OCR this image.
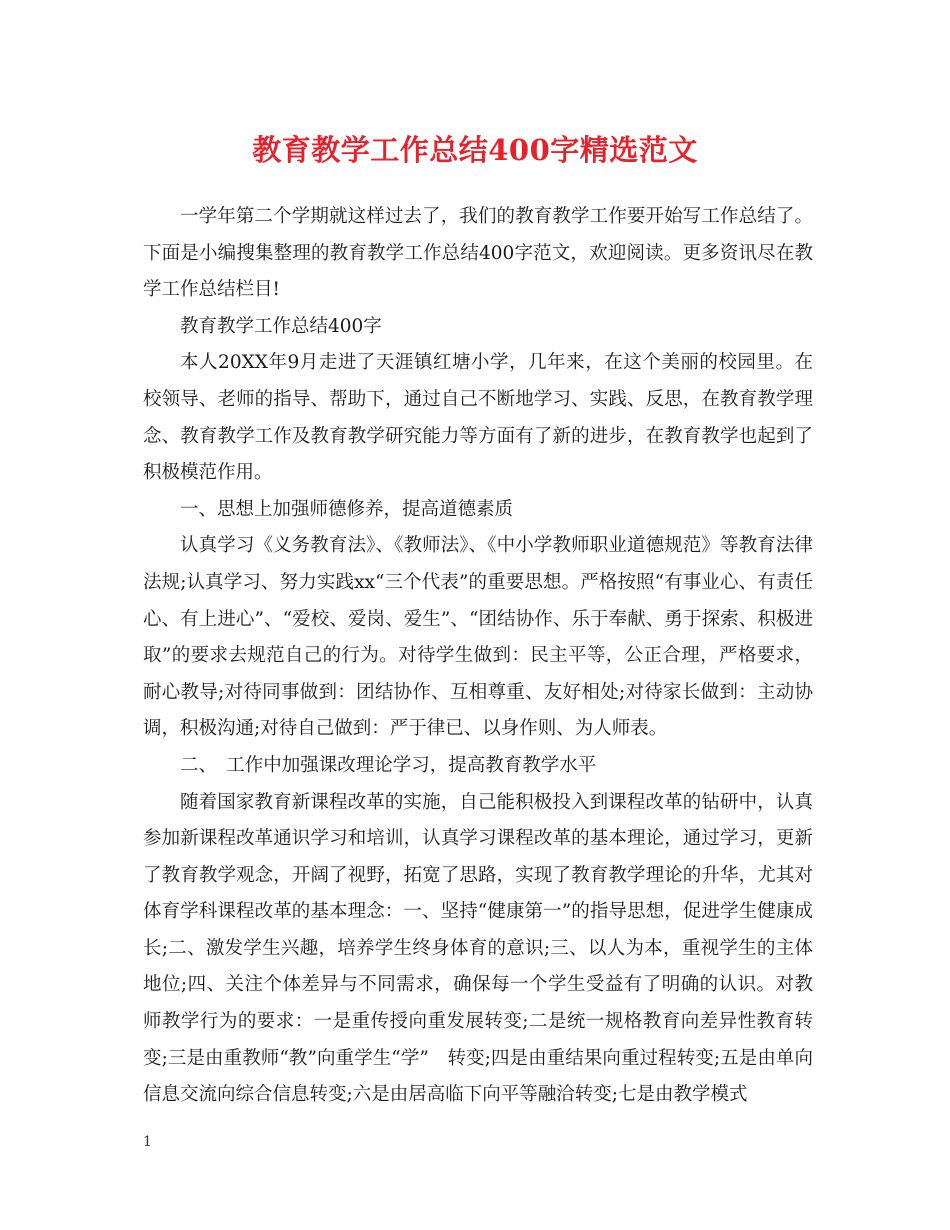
教育教学工作总结400字精选范文

一学年第二个学期就这样过去了，我们的教育教学工作要开始写工作总结了。下面是小编搜集整理的教育教学工作总结400字范文，欢迎阅读。更多资讯尽在教学工作总结栏目!

教育教学工作总结400字

本人20XX年9月走进了天涯镇红塘小学，几年来，在这个美丽的校园里。在校领导、老师的指导、帮助下，通过自己不断地学习、实践、反思，在教育教学理念、教育教学工作及教育教学研究能力等方面有了新的进步，在教育教学也起到了积极模范作用。

一、思想上加强师德修养，提高道德素质

认真学习《义务教育法》、《教师法》、《中小学教师职业道德规范》等教育法律法规;认真学习、努力实践xx“三个代表”的重要思想。严格按照“有事业心、有责任心、有上进心”、“爱校、爱岗、爱生”、“团结协作、乐于奉献、勇于探索、积极进取”的要求去规范自己的行为。对待学生做到：民主平等，公正合理，严格要求，耐心教导;对待同事做到：团结协作、互相尊重、友好相处;对待家长做到：主动协调，积极沟通;对待自己做到：严于律已、以身作则、为人师表。

二、　工作中加强课改理论学习，提高教育教学水平

随着国家教育新课程改革的实施，自己能积极投入到课程改革的钻研中，认真参加新课程改革通识学习和培训，认真学习课程改革的基本理论，通过学习，更新了教育教学观念，开阔了视野，拓宽了思路，实现了教育教学理论的升华，尤其对体育学科课程改革的基本理念：一、坚持“健康第一”的指导思想，促进学生健康成长;二、激发学生兴趣，培养学生终身体育的意识;三、以人为本，重视学生的主体地位;四、关注个体差异与不同需求，确保每一个学生受益有了明确的认识。对教师教学行为的要求：一是重传授向重发展转变;二是统一规格教育向差异性教育转变;三是由重教师“教”向重学生“学”　转变;四是由重结果向重过程转变;五是由单向信息交流向综合信息转变;六是由居高临下向平等融洽转变;七是由教学模式

1
